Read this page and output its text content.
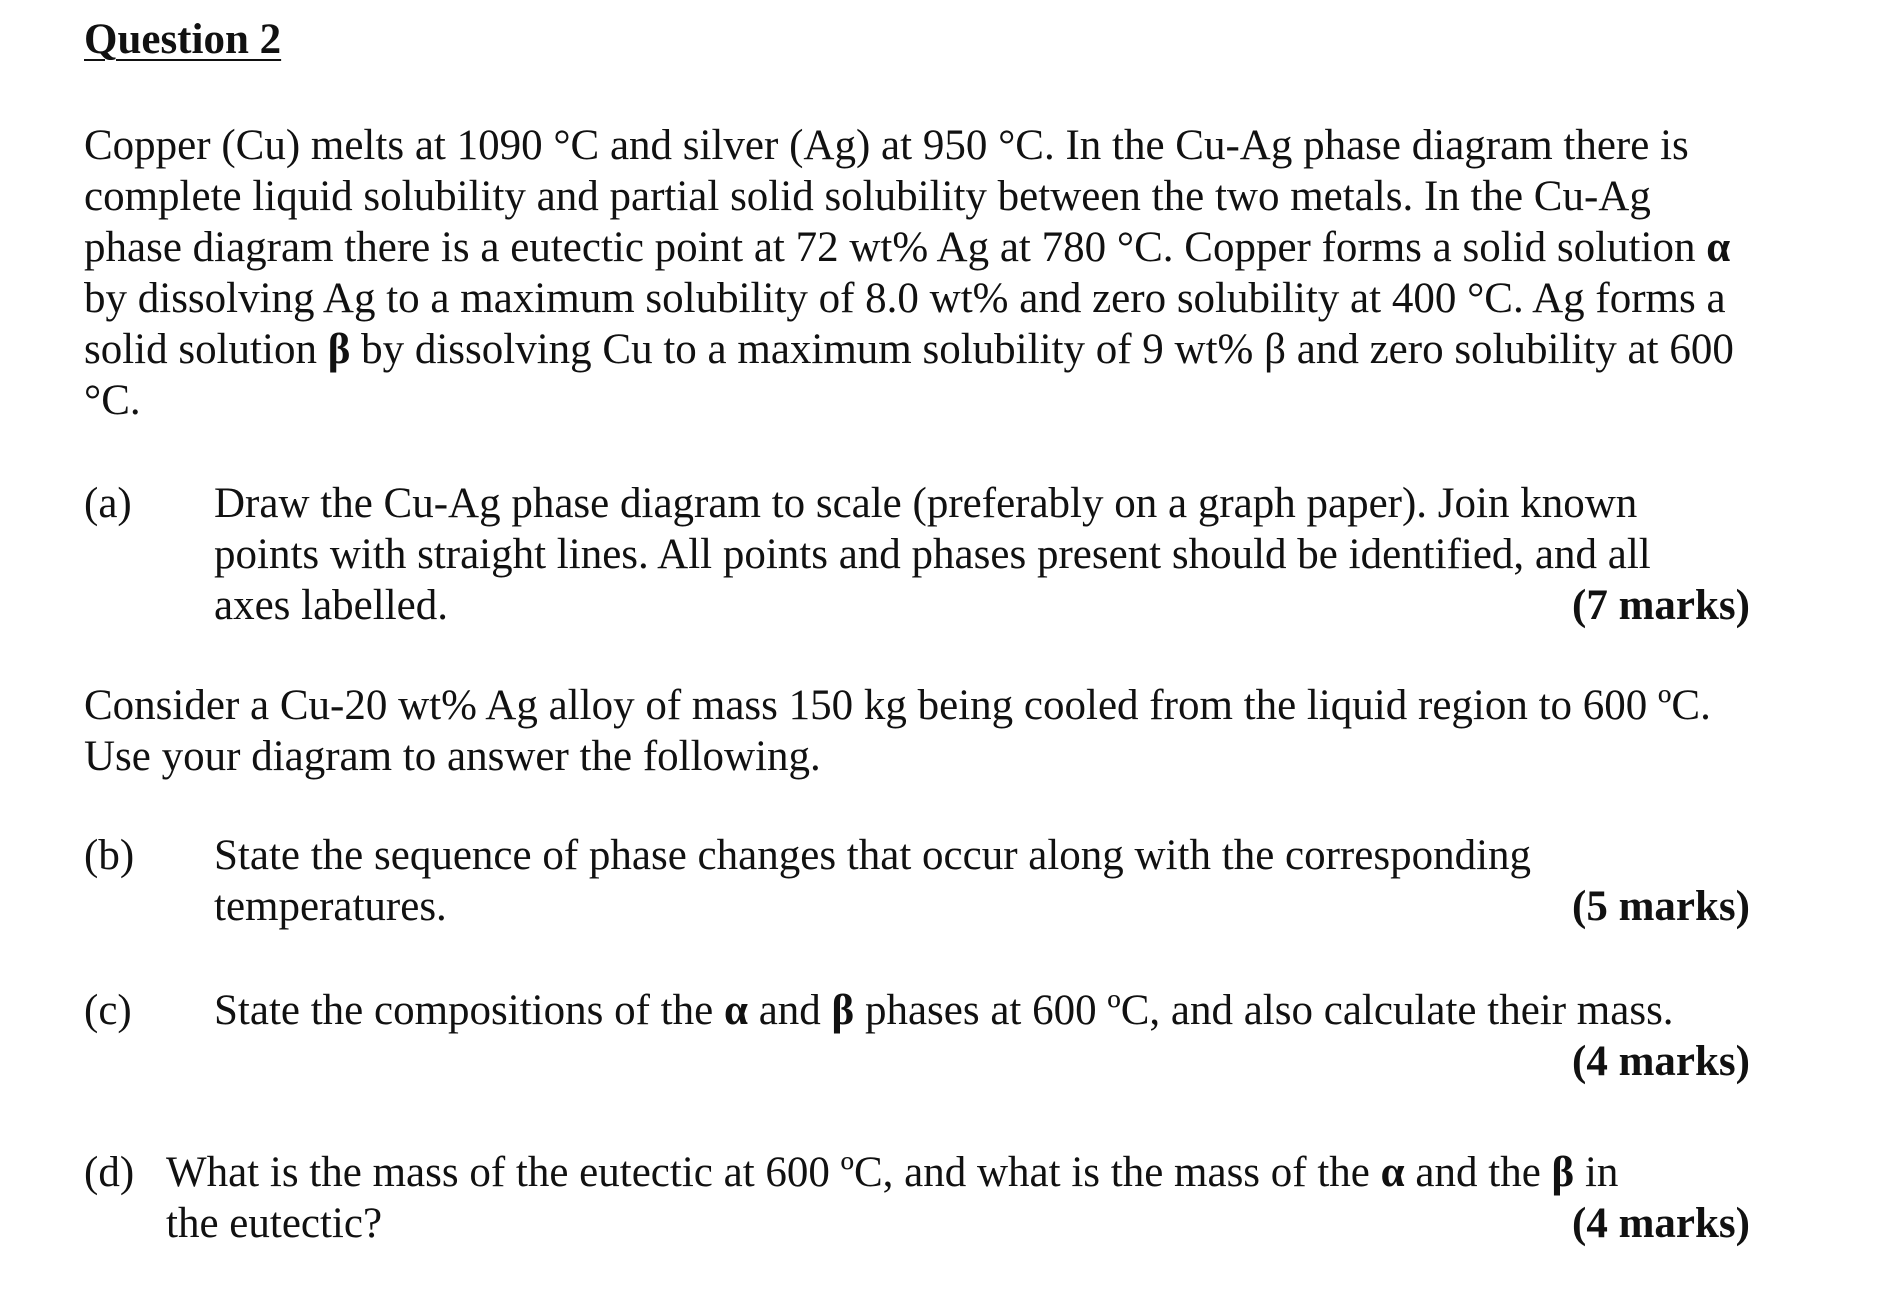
Question 2
Copper (Cu) melts at 1090 °C and silver (Ag) at 950 °C. In the Cu-Ag phase diagram there is
complete liquid solubility and partial solid solubility between the two metals. In the Cu-Ag
phase diagram there is a eutectic point at 72 wt% Ag at 780 °C. Copper forms a solid solution α
by dissolving Ag to a maximum solubility of 8.0 wt% and zero solubility at 400 °C. Ag forms a
solid solution β by dissolving Cu to a maximum solubility of 9 wt% β and zero solubility at 600
°C.
(a) Draw the Cu-Ag phase diagram to scale (preferably on a graph paper). Join known
points with straight lines. All points and phases present should be identified, and all
axes labelled.	(7 marks)
Consider a Cu-20 wt% Ag alloy of mass 150 kg being cooled from the liquid region to 600 ºC.
Use your diagram to answer the following.
(b) State the sequence of phase changes that occur along with the corresponding
temperatures.	(5 marks)
(c) State the compositions of the α and β phases at 600 ºC, and also calculate their mass.
(4 marks)
(d) What is the mass of the eutectic at 600 ºC, and what is the mass of the α and the β in
the eutectic?	(4 marks)
